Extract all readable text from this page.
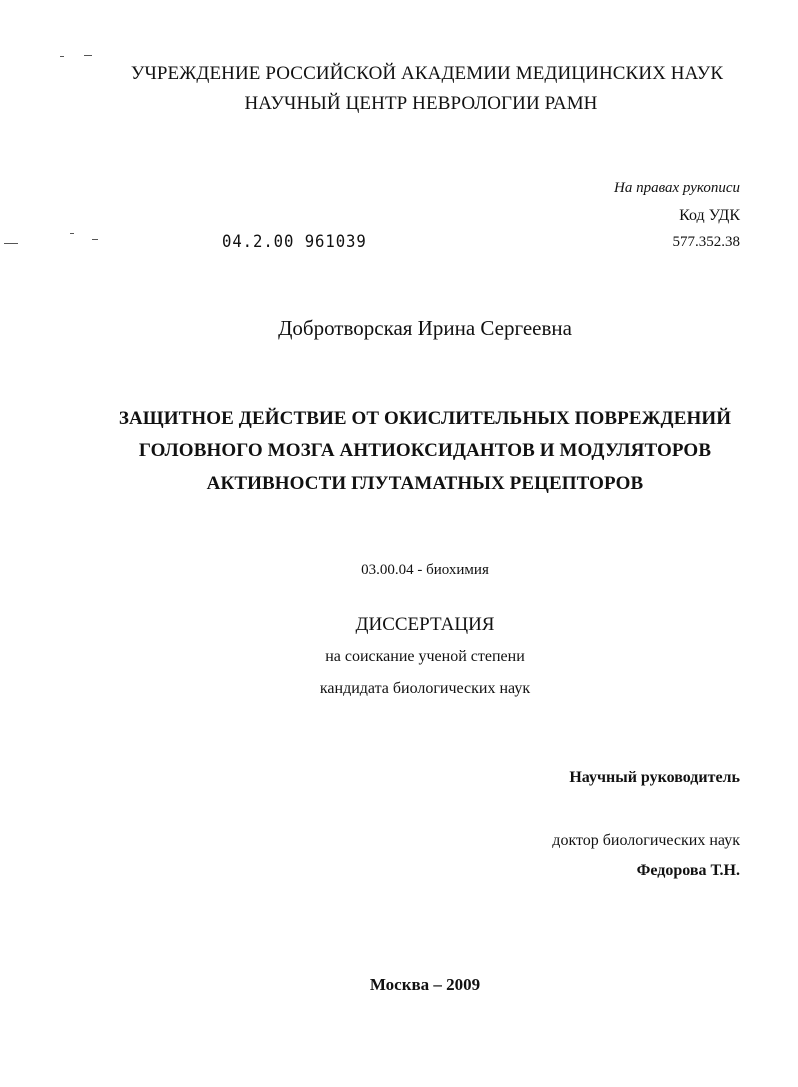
УЧРЕЖДЕНИЕ РОССИЙСКОЙ АКАДЕМИИ МЕДИЦИНСКИХ НАУК
НАУЧНЫЙ ЦЕНТР НЕВРОЛОГИИ РАМН
На правах рукописи
Код УДК
577.352.38
04.2.00 961039
Добротворская Ирина Сергеевна
ЗАЩИТНОЕ ДЕЙСТВИЕ ОТ ОКИСЛИТЕЛЬНЫХ ПОВРЕЖДЕНИЙ
ГОЛОВНОГО МОЗГА АНТИОКСИДАНТОВ И МОДУЛЯТОРОВ
АКТИВНОСТИ ГЛУТАМАТНЫХ РЕЦЕПТОРОВ
03.00.04 - биохимия
ДИССЕРТАЦИЯ
на соискание ученой степени
кандидата биологических наук
Научный руководитель
доктор биологических наук
Федорова Т.Н.
Москва – 2009
